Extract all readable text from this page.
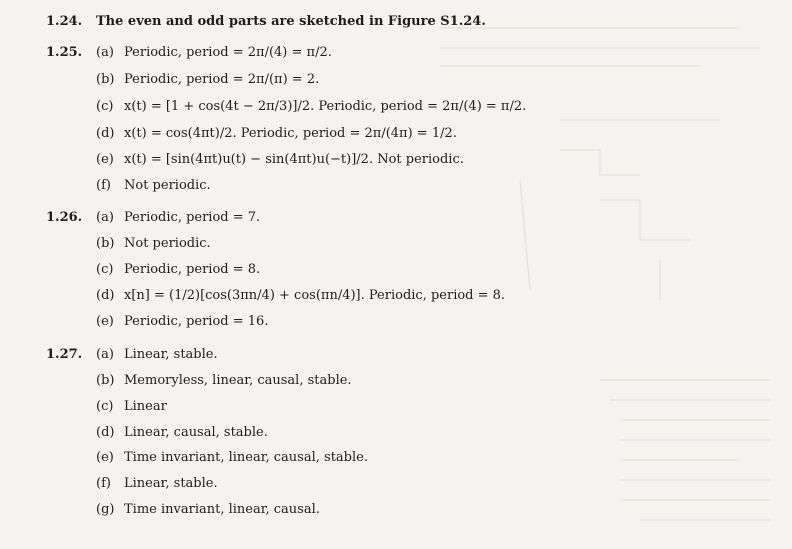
1.24. The even and odd parts are sketched in Figure S1.24.
1.25. (a) Periodic, period = 2π/(4) = π/2.
(b) Periodic, period = 2π/(π) = 2.
(c) x(t) = [1 + cos(4t − 2π/3)]/2. Periodic, period = 2π/(4) = π/2.
(d) x(t) = cos(4πt)/2. Periodic, period = 2π/(4π) = 1/2.
(e) x(t) = [sin(4πt)u(t) − sin(4πt)u(−t)]/2. Not periodic.
(f) Not periodic.
1.26. (a) Periodic, period = 7.
(b) Not periodic.
(c) Periodic, period = 8.
(d) x[n] = (1/2)[cos(3πn/4) + cos(πn/4)]. Periodic, period = 8.
(e) Periodic, period = 16.
1.27. (a) Linear, stable.
(b) Memoryless, linear, causal, stable.
(c) Linear
(d) Linear, causal, stable.
(e) Time invariant, linear, causal, stable.
(f) Linear, stable.
(g) Time invariant, linear, causal.
